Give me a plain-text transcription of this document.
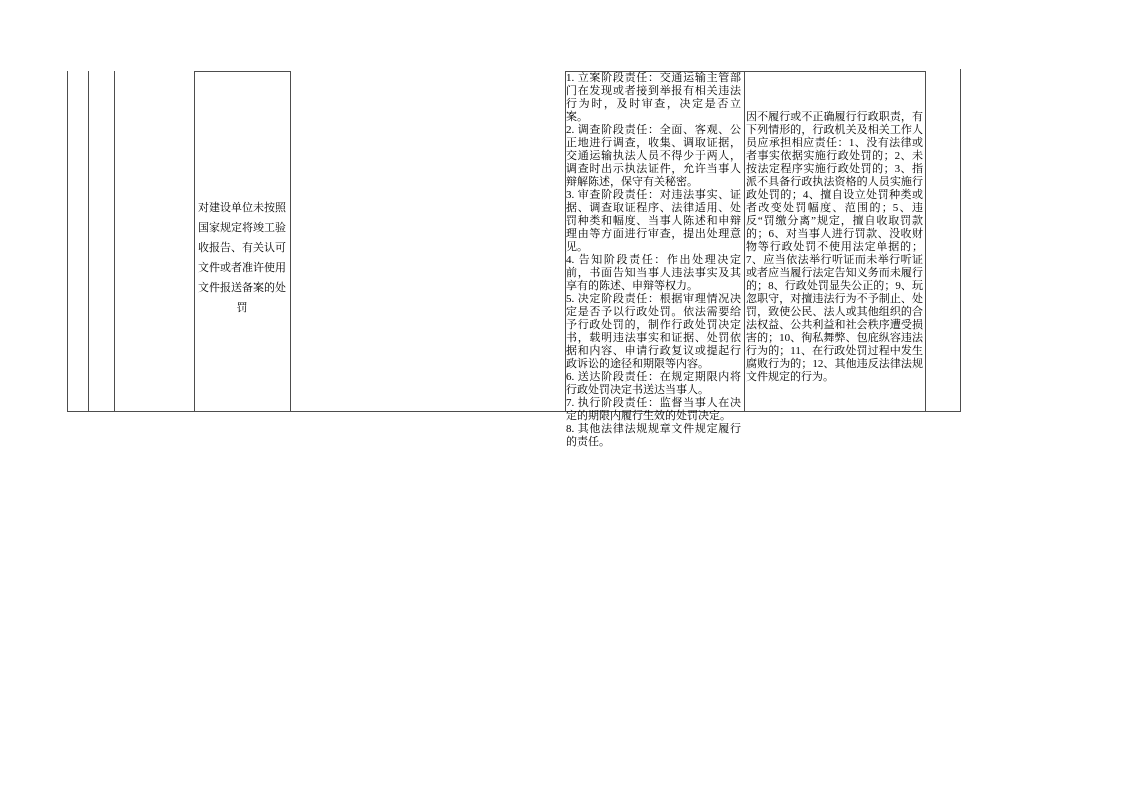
对建设单位未按照
国家规定将竣工验
收报告、有关认可
文件或者准许使用
文件报送备案的处
罚

1. 立案阶段责任：交通运输主管部门在发现或者接到举报有相关违法行为时，及时审查，决定是否立案。

2. 调查阶段责任：全面、客观、公正地进行调查，收集、调取证据，交通运输执法人员不得少于两人，调查时出示执法证件，允许当事人辩解陈述，保守有关秘密。

3. 审查阶段责任：对违法事实、证据、调查取证程序、法律适用、处罚种类和幅度、当事人陈述和申辩理由等方面进行审查，提出处理意见。

4. 告知阶段责任：作出处理决定前，书面告知当事人违法事实及其享有的陈述、申辩等权力。

5. 决定阶段责任：根据审理情况决定是否予以行政处罚。依法需要给予行政处罚的，制作行政处罚决定书，载明违法事实和证据、处罚依据和内容、申请行政复议或提起行政诉讼的途径和期限等内容。

6. 送达阶段责任：在规定期限内将行政处罚决定书送达当事人。

7. 执行阶段责任：监督当事人在决定的期限内履行生效的处罚决定。

8. 其他法律法规规章文件规定履行的责任。

因不履行或不正确履行行政职责，有下列情形的，行政机关及相关工作人员应承担相应责任：1、没有法律或者事实依据实施行政处罚的；2、未按法定程序实施行政处罚的；3、指派不具备行政执法资格的人员实施行政处罚的；4、擅自设立处罚种类或者改变处罚幅度、范围的；5、违反“罚缴分离”规定，擅自收取罚款的；6、对当事人进行罚款、没收财物等行政处罚不使用法定单据的；7、应当依法举行听证而未举行听证或者应当履行法定告知义务而未履行的；8、行政处罚显失公正的；9、玩忽职守，对擅违法行为不予制止、处罚，致使公民、法人或其他组织的合法权益、公共利益和社会秩序遭受损害的；10、徇私舞弊、包庇纵容违法行为的；11、在行政处罚过程中发生腐败行为的；12、其他违反法律法规文件规定的行为。
